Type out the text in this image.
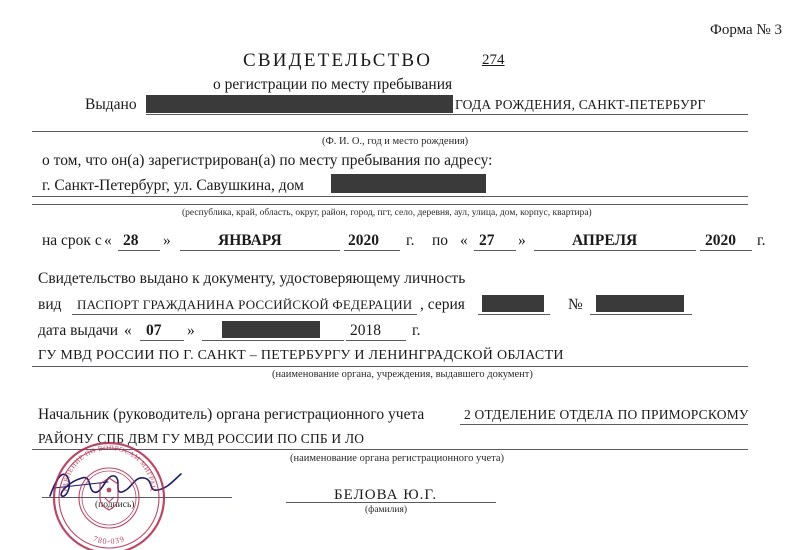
Форма № 3
СВИДЕТЕЛЬСТВО	274
о регистрации по месту пребывания
Выдано	ГОДА РОЖДЕНИЯ, САНКТ-ПЕТЕРБУРГ
(Ф. И. О., год и место рождения)
о том, что он(а) зарегистрирован(а) по месту пребывания по адресу:
г. Санкт-Петербург, ул. Савушкина, дом
(республика, край, область, округ, район, город, пгт, село, деревня, аул, улица, дом, корпус, квартира)
на срок с « 28 »	ЯНВАРЯ	2020 г. по « 27 »	АПРЕЛЯ	2020 г.
Свидетельство выдано к документу, удостоверяющему личность
вид ПАСПОРТ ГРАЖДАНИНА РОССИЙСКОЙ ФЕДЕРАЦИИ , серия	№
дата выдачи « 07 »	2018 г.
ГУ МВД РОССИИ ПО Г. САНКТ – ПЕТЕРБУРГУ И ЛЕНИНГРАДСКОЙ ОБЛАСТИ
(наименование органа, учреждения, выдавшего документ)
Начальник (руководитель) органа регистрационного учета	2 ОТДЕЛЕНИЕ ОТДЕЛА ПО ПРИМОРСКОМУ
РАЙОНУ СПБ ДВМ ГУ МВД РОССИИ ПО СПБ И ЛО
(наименование органа регистрационного учета)
(подпись)
БЕЛОВА Ю.Г.
(фамилия)
УПРАВЛЕНИЕ ПО ВОПРОСАМ МИГРАЦИИ
780-039
